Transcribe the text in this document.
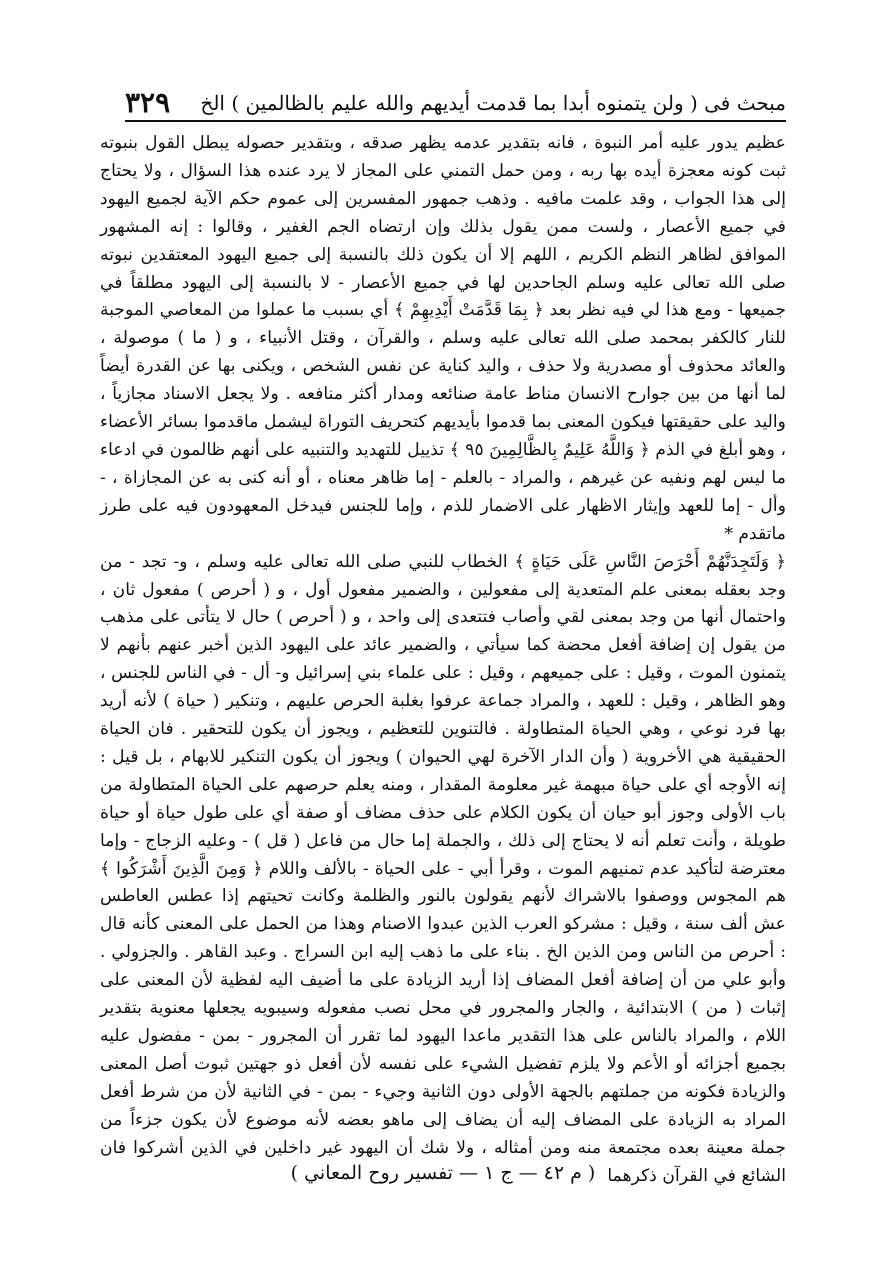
مبحث فى ( ولن يتمنوه أبدا بما قدمت أيديهم والله عليم بالظالمين ) الخ
٣٢٩

عظيم يدور عليه أمر النبوة ، فانه بتقدير عدمه يظهر صدقه ، وبتقدير حصوله يبطل القول بنبوته ثبت كونه معجزة أيده بها ربه ، ومن حمل التمني على المجاز لا يرد عنده هذا السؤال ، ولا يحتاج إلى هذا الجواب ، وقد علمت مافيه . وذهب جمهور المفسرين إلى عموم حكم الآية لجميع اليهود في جميع الأعصار ، ولست ممن يقول بذلك وإن ارتضاه الجم الغفير ، وقالوا : إنه المشهور الموافق لظاهر النظم الكريم ، اللهم إلا أن يكون ذلك بالنسبة إلى جميع اليهود المعتقدين نبوته صلى الله تعالى عليه وسلم الجاحدين لها في جميع الأعصار - لا بالنسبة إلى اليهود مطلقاً في جميعها - ومع هذا لي فيه نظر بعد ﴿ بِمَا قَدَّمَتْ أَيْدِيهِمْ ﴾ أي بسبب ما عملوا من المعاصي الموجبة للنار كالكفر بمحمد صلى الله تعالى عليه وسلم ، والقرآن ، وقتل الأنبياء ، و ( ما ) موصولة ، والعائد محذوف أو مصدرية ولا حذف ، واليد كناية عن نفس الشخص ، ويكنى بها عن القدرة أيضاً لما أنها من بين جوارح الانسان مناط عامة صنائعه ومدار أكثر منافعه . ولا يجعل الاسناد مجازياً ، واليد على حقيقتها فيكون المعنى بما قدموا بأيديهم كتحريف التوراة ليشمل ماقدموا بسائر الأعضاء ، وهو أبلغ في الذم ﴿ وَاللَّهُ عَلِيمٌ بِالظَّالِمِينَ ٩٥ ﴾ تذييل للتهديد والتنبيه على أنهم ظالمون في ادعاء ما ليس لهم ونفيه عن غيرهم ، والمراد - بالعلم - إما ظاهر معناه ، أو أنه كنى به عن المجازاة ، - وأل - إما للعهد وإيثار الاظهار على الاضمار للذم ، وإما للجنس فيدخل المعهودون فيه على طرز ماتقدم *

﴿ وَلَتَجِدَنَّهُمْ أَحْرَصَ النَّاسِ عَلَى حَيَاةٍ ﴾ الخطاب للنبي صلى الله تعالى عليه وسلم ، و- تجد - من وجد بعقله بمعنى علم المتعدية إلى مفعولين ، والضمير مفعول أول ، و ( أحرص ) مفعول ثان ، واحتمال أنها من وجد بمعنى لقي وأصاب فتتعدى إلى واحد ، و ( أحرص ) حال لا يتأتى على مذهب من يقول إن إضافة أفعل محضة كما سيأتي ، والضمير عائد على اليهود الذين أخبر عنهم بأنهم لا يتمنون الموت ، وقيل : على جميعهم ، وقيل : على علماء بني إسرائيل و- أل - في الناس للجنس ، وهو الظاهر ، وقيل : للعهد ، والمراد جماعة عرفوا بغلبة الحرص عليهم ، وتنكير ( حياة ) لأنه أريد بها فرد نوعي ، وهي الحياة المتطاولة . فالتنوين للتعظيم ، ويجوز أن يكون للتحقير . فان الحياة الحقيقية هي الأخروية ( وأن الدار الآخرة لهي الحيوان ) ويجوز أن يكون التنكير للابهام ، بل قيل : إنه الأوجه أي على حياة مبهمة غير معلومة المقدار ، ومنه يعلم حرصهم على الحياة المتطاولة من باب الأولى وجوز أبو حيان أن يكون الكلام على حذف مضاف أو صفة أي على طول حياة أو حياة طويلة ، وأنت تعلم أنه لا يحتاج إلى ذلك ، والجملة إما حال من فاعل ( قل ) - وعليه الزجاج - وإما معترضة لتأكيد عدم تمنيهم الموت ، وقرأ أبي - على الحياة - بالألف واللام ﴿ وَمِنَ الَّذِينَ أَشْرَكُوا ﴾ هم المجوس ووصفوا بالاشراك لأنهم يقولون بالنور والظلمة وكانت تحيتهم إذا عطس العاطس عش ألف سنة ، وقيل : مشركو العرب الذين عبدوا الاصنام وهذا من الحمل على المعنى كأنه قال : أحرص من الناس ومن الذين الخ . بناء على ما ذهب إليه ابن السراج . وعبد القاهر . والجزولي . وأبو علي من أن إضافة أفعل المضاف إذا أريد الزيادة على ما أضيف اليه لفظية لأن المعنى على إثبات ( من ) الابتدائية ، والجار والمجرور في محل نصب مفعوله وسيبويه يجعلها معنوية بتقدير اللام ، والمراد بالناس على هذا التقدير ماعدا اليهود لما تقرر أن المجرور - بمن - مفضول عليه بجميع أجزائه أو الأعم ولا يلزم تفضيل الشيء على نفسه لأن أفعل ذو جهتين ثبوت أصل المعنى والزيادة فكونه من جملتهم بالجهة الأولى دون الثانية وجيء - بمن - في الثانية لأن من شرط أفعل المراد به الزيادة على المضاف إليه أن يضاف إلى ماهو بعضه لأنه موضوع لأن يكون جزءاً من جملة معينة بعده مجتمعة منه ومن أمثاله ، ولا شك أن اليهود غير داخلين في الذين أشركوا فان الشائع في القرآن ذكرهما

( م ٤٢ — ج ١ — تفسير روح المعاني )
